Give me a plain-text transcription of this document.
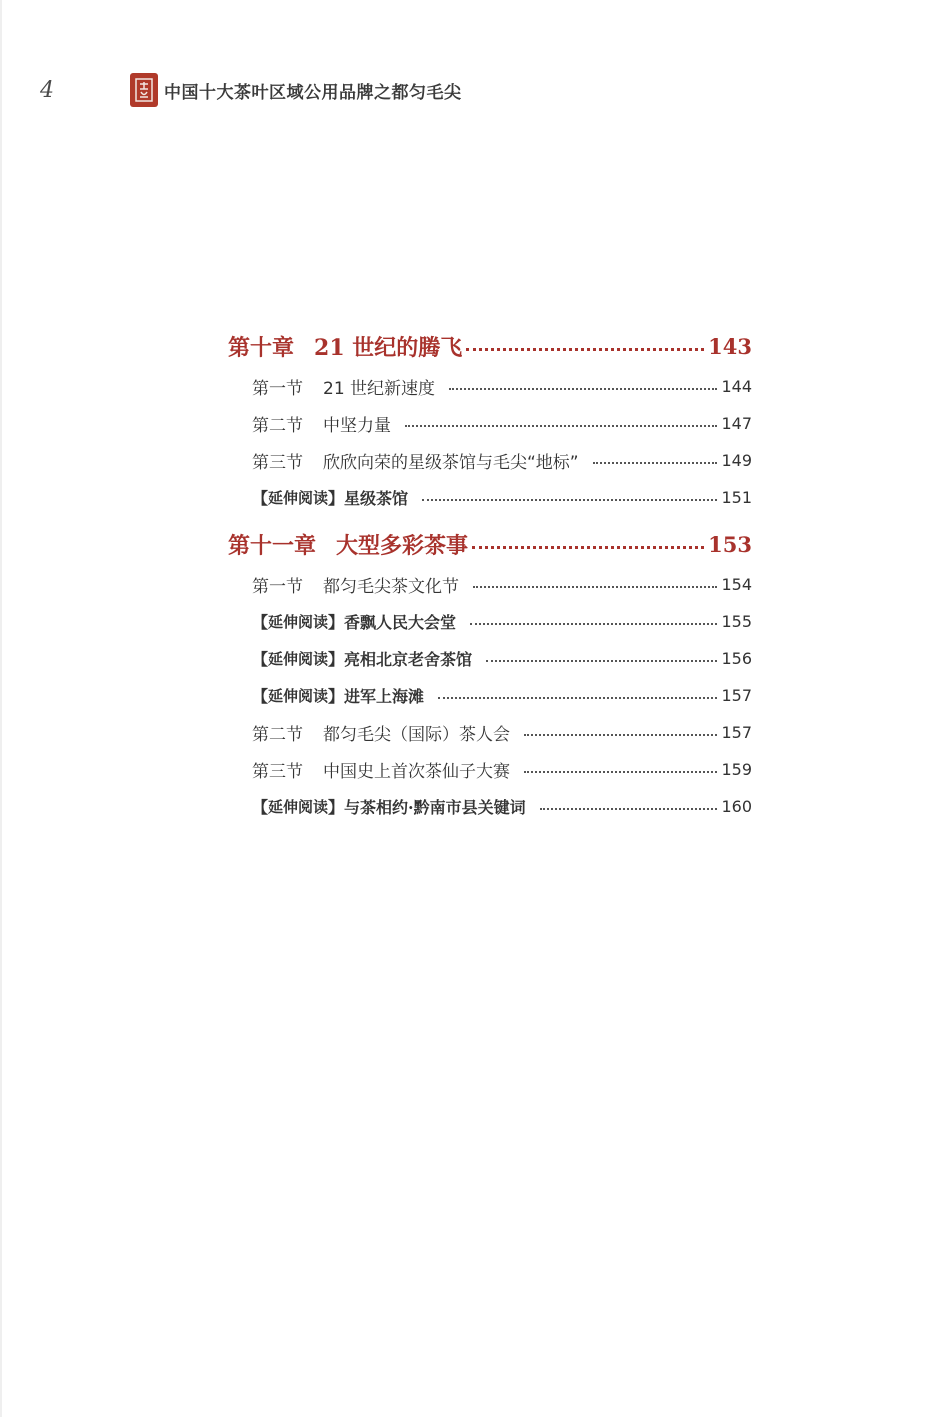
4	中国十大茶叶区域公用品牌之都匀毛尖
第十章 21 世纪的腾飞	143
第一节 21 世纪新速度	144
第二节 中坚力量	147
第三节 欣欣向荣的星级茶馆与毛尖“地标”	149
【 延伸阅读 】 星级茶馆	151
第十一章 大型多彩茶事	153
第一节 都匀毛尖茶文化节	154
【 延伸阅读 】 香飘人民大会堂	155
【 延伸阅读 】 亮相北京老舍茶馆	156
【 延伸阅读 】 进军上海滩	157
第二节 都匀毛尖（国际）茶人会	157
第三节 中国史上首次茶仙子大赛	159
【 延伸阅读 】 与茶相约·黔南市县关键词	160
